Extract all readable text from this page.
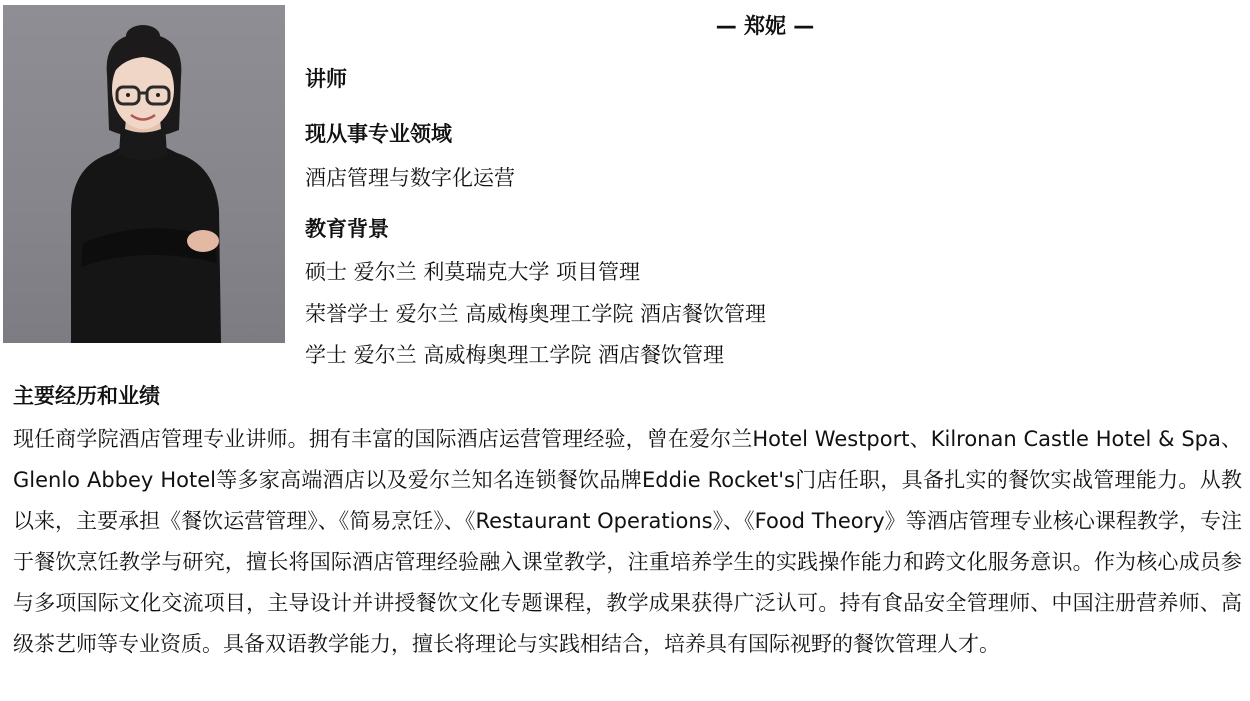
— 郑妮 —
讲师
现从事专业领域
酒店管理与数字化运营
教育背景
硕士 爱尔兰 利莫瑞克大学 项目管理
荣誉学士 爱尔兰 高威梅奥理工学院 酒店餐饮管理
学士 爱尔兰 高威梅奥理工学院 酒店餐饮管理
主要经历和业绩
现任商学院酒店管理专业讲师。拥有丰富的国际酒店运营管理经验，曾在爱尔兰Hotel Westport、Kilronan Castle Hotel & Spa、Glenlo Abbey Hotel等多家高端酒店以及爱尔兰知名连锁餐饮品牌Eddie Rocket's门店任职，具备扎实的餐饮实战管理能力。从教以来，主要承担《餐饮运营管理》、《简易烹饪》、《Restaurant Operations》、《Food Theory》等酒店管理专业核心课程教学，专注于餐饮烹饪教学与研究，擅长将国际酒店管理经验融入课堂教学，注重培养学生的实践操作能力和跨文化服务意识。作为核心成员参与多项国际文化交流项目，主导设计并讲授餐饮文化专题课程，教学成果获得广泛认可。持有食品安全管理师、中国注册营养师、高级茶艺师等专业资质。具备双语教学能力，擅长将理论与实践相结合，培养具有国际视野的餐饮管理人才。
